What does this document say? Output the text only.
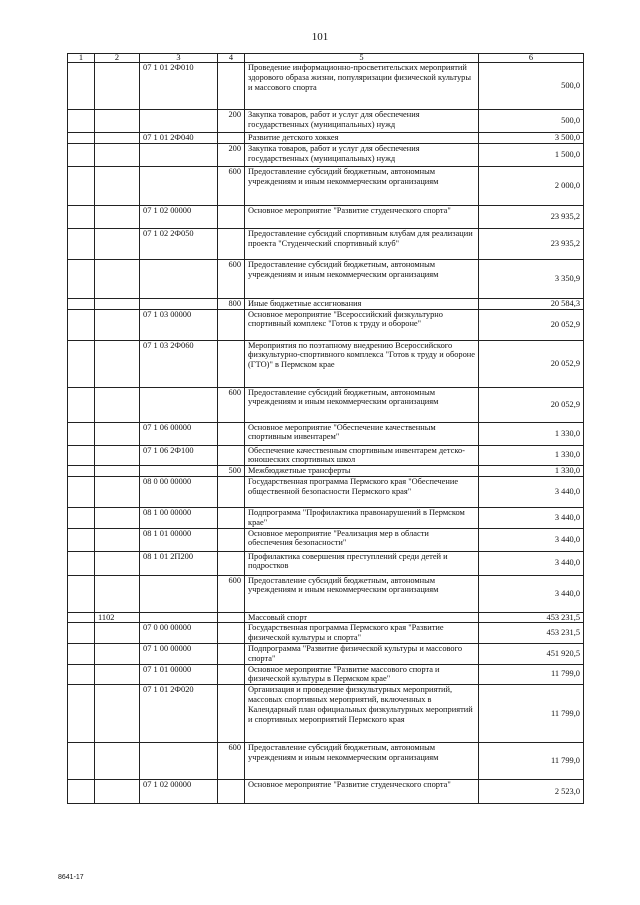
101
1	2	3	4	5	6
		07 1 01 2Ф010		Проведение информационно-просветительских мероприятий здорового образа жизни, популяризации физической культуры и массового спорта	500,0
			200	Закупка товаров, работ и услуг для обеспечения государственных (муниципальных) нужд	500,0
		07 1 01 2Ф040		Развитие детского хоккея	3 500,0
			200	Закупка товаров, работ и услуг для обеспечения государственных (муниципальных) нужд	1 500,0
			600	Предоставление субсидий бюджетным, автономным учреждениям и иным некоммерческим организациям	2 000,0
		07 1 02 00000		Основное мероприятие "Развитие студенческого спорта"	23 935,2
		07 1 02 2Ф050		Предоставление субсидий спортивным клубам для реализации проекта "Студенческий спортивный клуб"	23 935,2
			600	Предоставление субсидий бюджетным, автономным учреждениям и иным некоммерческим организациям	3 350,9
			800	Иные бюджетные ассигнования	20 584,3
		07 1 03 00000		Основное мероприятие "Всероссийский физкультурно спортивный комплекс "Готов к труду и обороне"	20 052,9
		07 1 03 2Ф060		Мероприятия по поэтапному внедрению Всероссийского физкультурно-спортивного комплекса "Готов к труду и обороне (ГТО)" в Пермском крае	20 052,9
			600	Предоставление субсидий бюджетным, автономным учреждениям и иным некоммерческим организациям	20 052,9
		07 1 06 00000		Основное мероприятие "Обеспечение качественным спортивным инвентарем"	1 330,0
		07 1 06 2Ф100		Обеспечение качественным спортивным инвентарем детско-юношеских спортивных школ	1 330,0
			500	Межбюджетные трансферты	1 330,0
		08 0 00 00000		Государственная программа Пермского края "Обеспечение общественной безопасности Пермского края"	3 440,0
		08 1 00 00000		Подпрограмма "Профилактика правонарушений в Пермском крае"	3 440,0
		08 1 01 00000		Основное мероприятие "Реализация мер в области обеспечения безопасности"	3 440,0
		08 1 01 2П200		Профилактика совершения преступлений среди детей и подростков	3 440,0
			600	Предоставление субсидий бюджетным, автономным учреждениям и иным некоммерческим организациям	3 440,0
	1102			Массовый спорт	453 231,5
		07 0 00 00000		Государственная программа Пермского края "Развитие физической культуры и спорта"	453 231,5
		07 1 00 00000		Подпрограмма "Развитие физической культуры и массового спорта"	451 920,5
		07 1 01 00000		Основное мероприятие "Развитие массового спорта и физической культуры в Пермском крае"	11 799,0
		07 1 01 2Ф020		Организация и проведение физкультурных мероприятий, массовых спортивных мероприятий, включенных в Календарный план официальных физкультурных мероприятий и спортивных мероприятий Пермского края	11 799,0
			600	Предоставление субсидий бюджетным, автономным учреждениям и иным некоммерческим организациям	11 799,0
		07 1 02 00000		Основное мероприятие "Развитие студенческого спорта"	2 523,0
8641-17
